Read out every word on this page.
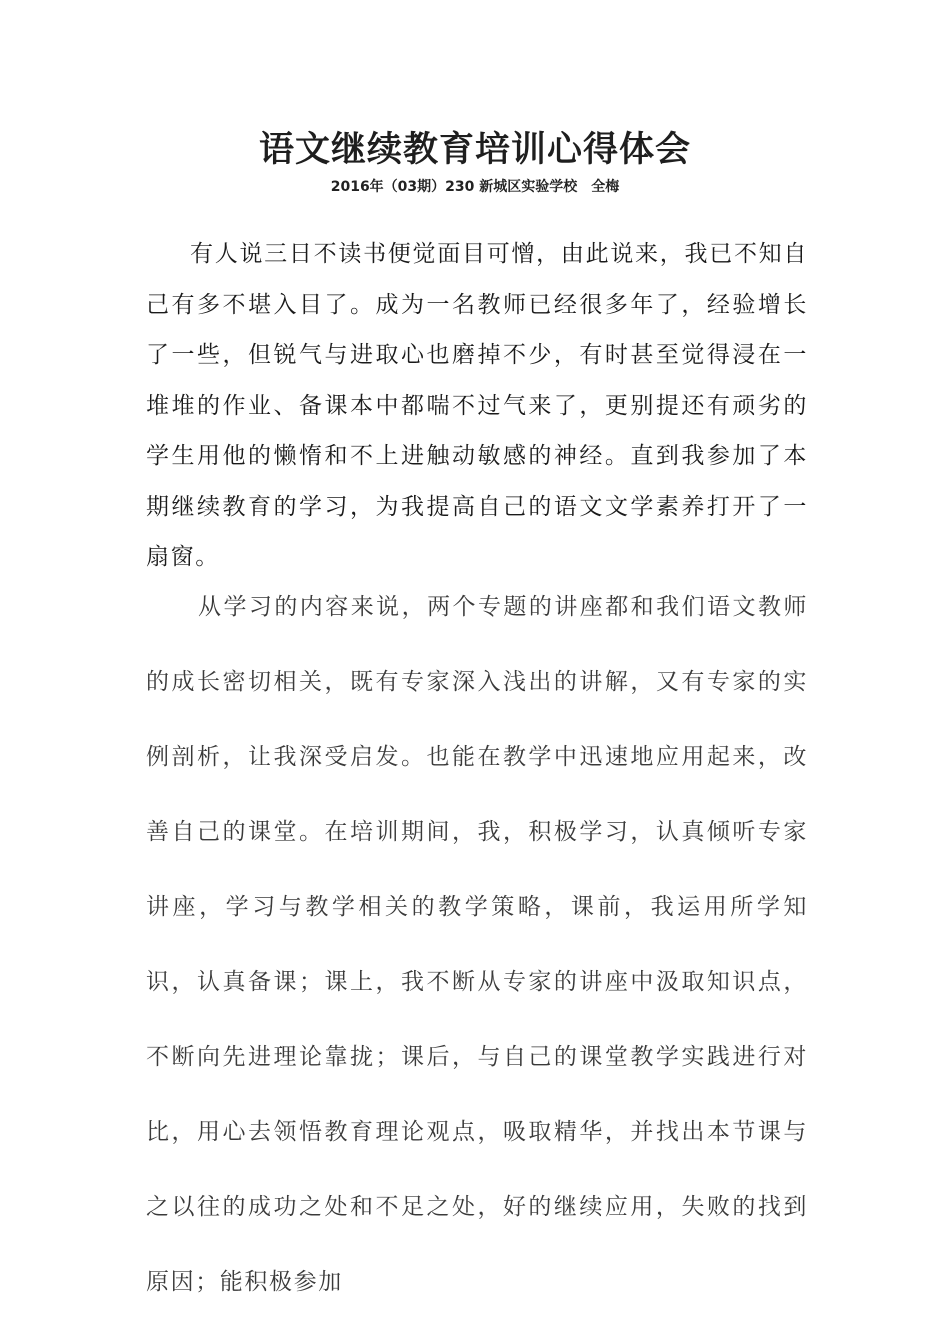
语文继续教育培训心得体会
2016年（03期）230 新城区实验学校　全梅

有人说三日不读书便觉面目可憎，由此说来，我已不知自己有多不堪入目了。成为一名教师已经很多年了，经验增长了一些，但锐气与进取心也磨掉不少，有时甚至觉得浸在一堆堆的作业、备课本中都喘不过气来了，更别提还有顽劣的学生用他的懒惰和不上进触动敏感的神经。直到我参加了本期继续教育的学习，为我提高自己的语文文学素养打开了一扇窗。

从学习的内容来说，两个专题的讲座都和我们语文教师的成长密切相关，既有专家深入浅出的讲解，又有专家的实例剖析，让我深受启发。也能在教学中迅速地应用起来，改善自己的课堂。在培训期间，我，积极学习，认真倾听专家讲座，学习与教学相关的教学策略，课前，我运用所学知识，认真备课；课上，我不断从专家的讲座中汲取知识点，不断向先进理论靠拢；课后，与自己的课堂教学实践进行对比，用心去领悟教育理论观点，吸取精华，并找出本节课与之以往的成功之处和不足之处，好的继续应用，失败的找到原因；能积极参加
